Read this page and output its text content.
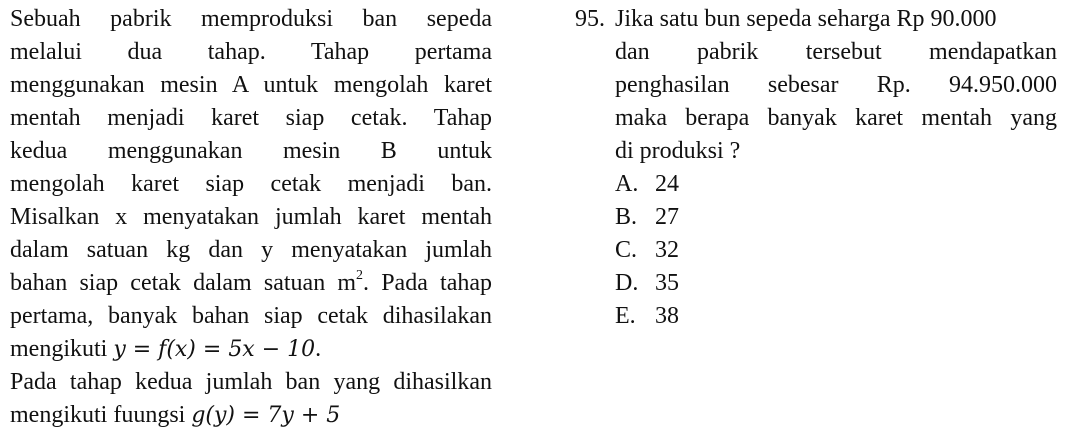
Sebuah pabrik memproduksi ban sepeda
melalui dua tahap. Tahap pertama
menggunakan mesin A untuk mengolah karet
mentah menjadi karet siap cetak. Tahap
kedua menggunakan mesin B untuk
mengolah karet siap cetak menjadi ban.
Misalkan x menyatakan jumlah karet mentah
dalam satuan kg dan y menyatakan jumlah
bahan siap cetak dalam satuan $m^2$. Pada tahap
pertama, banyak bahan siap cetak dihasilakan
mengikuti y = f(x) = 5x − 10.
Pada tahap kedua jumlah ban yang dihasilkan
mengikuti fuungsi g(y) = 7y + 5
95. Jika satu bun sepeda seharga Rp 90.000
dan pabrik tersebut mendapatkan
penghasilan sebesar Rp. 94.950.000
maka berapa banyak karet mentah yang
di produksi ?
A. 24
B. 27
C. 32
D. 35
E. 38
